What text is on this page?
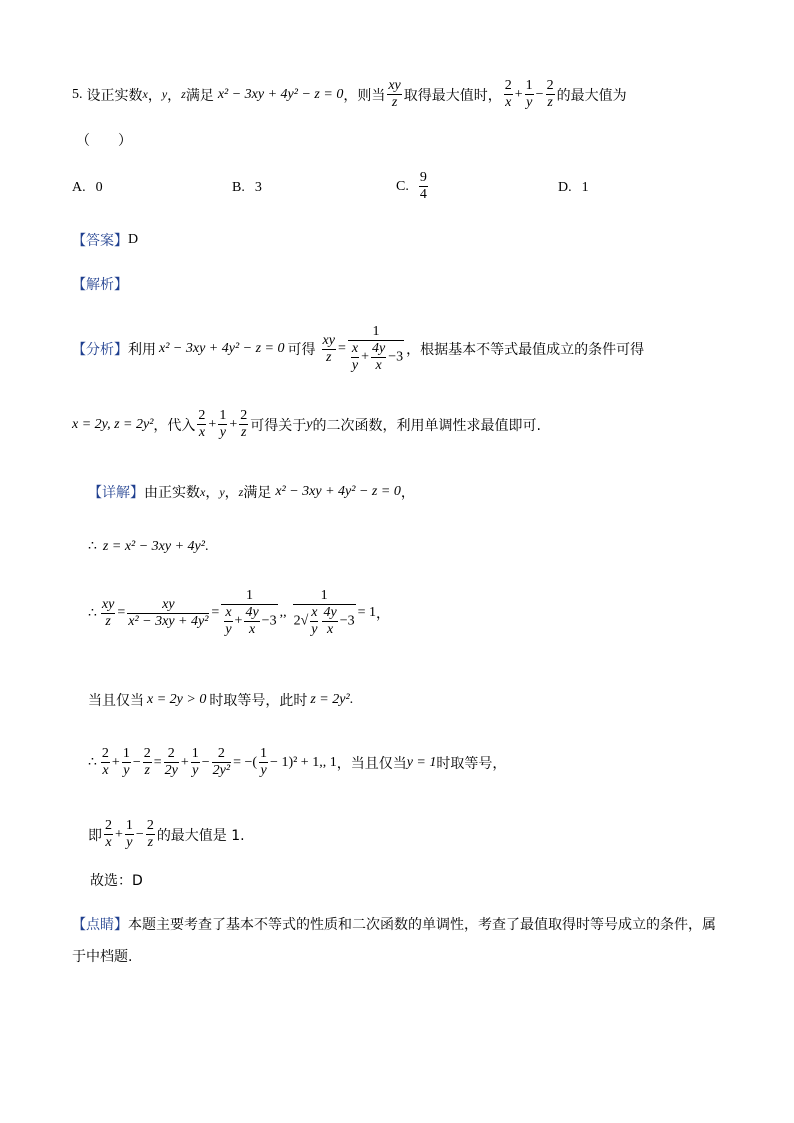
5. 设正实数 x ， y ， z 满足 x² − 3xy + 4y² − z = 0 ，则当 $\frac{xy}{z}$ 取得最大值时， $\frac{2}{x} + \frac{1}{y} - \frac{2}{z}$ 的最大值为
（　　）
A. 0	B. 3	C. $\frac{9}{4}$	D. 1
【答案】 D
【解析】
【分析】 利用 x² − 3xy + 4y² − z = 0 可得 $\frac{xy}{z} = \frac{1}{\frac{x}{y} + \frac{4y}{x} -3}$ ，根据基本不等式最值成立的条件可得
x = 2y, z = 2y² ，代入 $\frac{2}{x} + \frac{1}{y} + \frac{2}{z}$ 可得关于 y 的二次函数，利用单调性求最值即可.
【详解】 由正实数 x ， y ， z 满足 x² − 3xy + 4y² − z = 0 ，
∴ z = x² − 3xy + 4y² .
∴ $\frac{xy}{z} = \frac{xy}{\text{x² − 3xy + 4y²}} = \frac{1}{\frac{x}{y} + \frac{4y}{x} -3}$ ,, $\frac{1}{2√ \frac{x}{y} \frac{4y}{x} -3} = 1$ ，
当且仅当 x = 2y > 0 时取等号，此时 z = 2y² .
∴ $\frac{2}{x} + \frac{1}{y} - \frac{2}{z} = \frac{2}{2y} + \frac{1}{y} - \frac{2}{\text{2y²}}$ = −( $\frac{1}{y} - 1)^2 + 1$,, 1 ，当且仅当 y = 1 时取等号，
即 $\frac{2}{x} + \frac{1}{y} - \frac{2}{z}$ 的最大值是 1.
故选：D
【点睛】 本题主要考查了基本不等式的性质和二次函数的单调性，考查了最值取得时等号成立的条件，属
于中档题.
